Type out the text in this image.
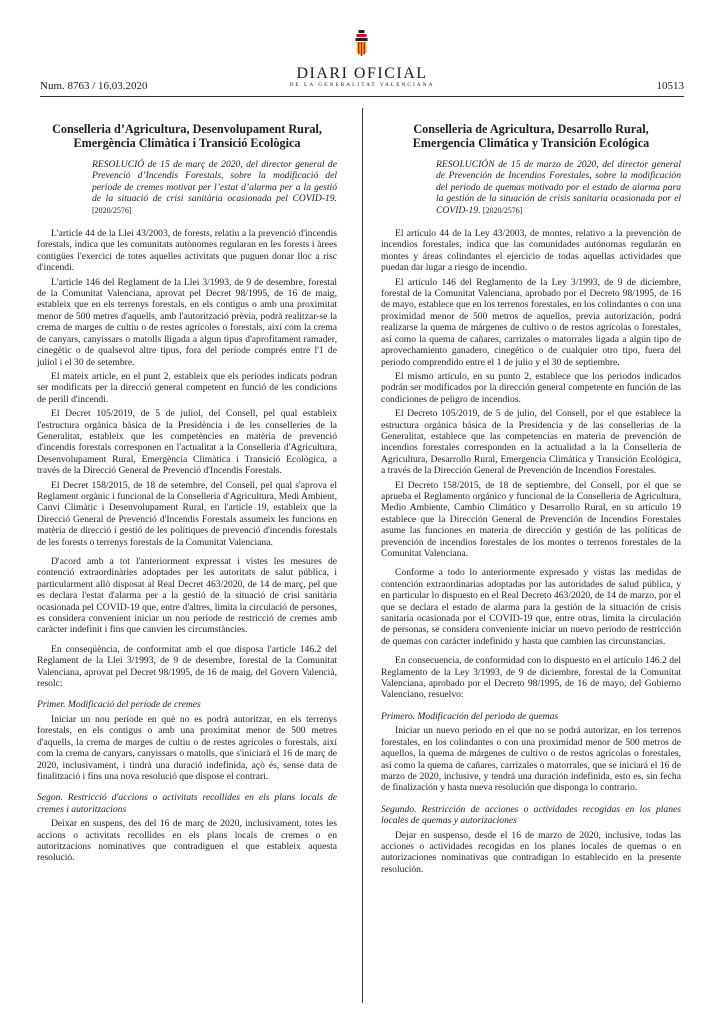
Num. 8763 / 16.03.2020
DIARI OFICIAL
DE LA GENERALITAT VALENCIANA	10513
Conselleria d’Agricultura, Desenvolupament Rural, Emergència Climàtica i Transició Ecològica
RESOLUCIÓ de 15 de març de 2020, del director general de Prevenció d’Incendis Forestals, sobre la modificació del període de cremes motivat per l’estat d’alarma per a la gestió de la situació de crisi sanitària ocasionada pel COVID-19. [2020/2576]
L'article 44 de la Llei 43/2003, de forests, relatiu a la prevenció d'incendis forestals, indica que les comunitats autònomes regularan en les forests i àrees contigües l'exercici de totes aquelles activitats que puguen donar lloc a risc d'incendi.
L'article 146 del Reglament de la Llei 3/1993, de 9 de desembre, forestal de la Comunitat Valenciana, aprovat pel Decret 98/1995, de 16 de maig, estableix que en els terrenys forestals, en els contigus o amb una proximitat menor de 500 metres d'aquells, amb l'autorització prèvia, podrà realitzar-se la crema de marges de cultiu o de restes agrícoles o forestals, així com la crema de canyars, canyissars o matolls lligada a algun tipus d'aprofitament ramader, cinegètic o de qualsevol altre tipus, fora del període comprés entre l'1 de juliol i el 30 de setembre.
El mateix article, en el punt 2, estableix que els períodes indicats podran ser modificats per la direcció general competent en funció de les condicions de perill d'incendi.
El Decret 105/2019, de 5 de juliol, del Consell, pel qual estableix l'estructura orgànica bàsica de la Presidència i de les conselleries de la Generalitat, estableix que les competències en matèria de prevenció d'incendis forestals corresponen en l'actualitat a la Conselleria d'Agricultura, Desenvolupament Rural, Emergència Climàtica i Transició Ecològica, a través de la Direcció General de Prevenció d'Incendis Forestals.
El Decret 158/2015, de 18 de setembre, del Consell, pel qual s'aprova el Reglament orgànic i funcional de la Conselleria d'Agricultura, Medi Ambient, Canvi Climàtic i Desenvolupament Rural, en l'article 19, estableix que la Direcció General de Prevenció d'Incendis Forestals assumeix les funcions en matèria de direcció i gestió de les polítiques de prevenció d'incendis forestals de les forests o terrenys forestals de la Comunitat Valenciana.
D'acord amb a tot l'anteriorment expressat i vistes les mesures de contenció extraordinàries adoptades per les autoritats de salut pública, i particularment allò disposat al Real Decret 463/2020, de 14 de març, pel que es declara l'estat d'alarma per a la gestió de la situació de crisi sanitària ocasionada pel COVID-19 que, entre d'altres, limita la circulació de persones, es considera convenient iniciar un nou període de restricció de cremes amb caràcter indefinit i fins que canvien les circumstàncies.
En conseqüència, de conformitat amb el que disposa l'article 146.2 del Reglament de la Llei 3/1993, de 9 de desembre, forestal de la Comunitat Valenciana, aprovat pel Decret 98/1995, de 16 de maig, del Govern Valencià, resolc:
Primer. Modificació del període de cremes
Iniciar un nou període en què no es podrà autoritzar, en els terrenys forestals, en els contigus o amb una proximitat menor de 500 metres d'aquells, la crema de marges de cultiu o de restes agrícoles o forestals, així com la crema de canyars, canyissars o matolls, que s'iniciarà el 16 de març de 2020, inclusivament, i tindrà una duració indefinida, açò és, sense data de finalització i fins una nova resolució que dispose el contrari.
Segon. Restricció d'accions o activitats recollides en els plans locals de cremes i autoritzacions
Deixar en suspens, des del 16 de març de 2020, inclusivament, totes les accions o activitats recollides en els plans locals de cremes o en autoritzacions nominatives que contradiguen el que estableix aquesta resolució.
Conselleria de Agricultura, Desarrollo Rural, Emergencia Climática y Transición Ecológica
RESOLUCIÓN de 15 de marzo de 2020, del director general de Prevención de Incendios Forestales, sobre la modificación del periodo de quemas motivado por el estado de alarma para la gestión de la situación de crisis sanitaria ocasionada por el COVID-19. [2020/2576]
El artículo 44 de la Ley 43/2003, de montes, relativo a la prevención de incendios forestales, indica que las comunidades autónomas regularán en montes y áreas colindantes el ejercicio de todas aquellas actividades que puedan dar lugar a riesgo de incendio.
El artículo 146 del Reglamento de la Ley 3/1993, de 9 de diciembre, forestal de la Comunitat Valenciana, aprobado por el Decreto 98/1995, de 16 de mayo, establece que en los terrenos forestales, en los colindantes o con una proximidad menor de 500 metros de aquellos, previa autorización, podrá realizarse la quema de márgenes de cultivo o de restos agrícolas o forestales, así como la quema de cañares, carrizales o matorrales ligada a algún tipo de aprovechamiento ganadero, cinegético o de cualquier otro tipo, fuera del periodo comprendido entre el 1 de julio y el 30 de septiembre.
El mismo artículo, en su punto 2, establece que los periodos indicados podrán ser modificados por la dirección general competente en función de las condiciones de peligro de incendios.
El Decreto 105/2019, de 5 de julio, del Consell, por el que establece la estructura orgánica básica de la Presidencia y de las consellerias de la Generalitat, establece que las competencias en materia de prevención de incendios forestales corresponden en la actualidad a la la Conselleria de Agricultura, Desarrollo Rural, Emergencia Climática y Transición Ecológica, a través de la Dirección General de Prevención de Incendios Forestales.
El Decreto 158/2015, de 18 de septiembre, del Consell, por el que se aprueba el Reglamento orgánico y funcional de la Conselleria de Agricultura, Medio Ambiente, Cambio Climático y Desarrollo Rural, en su artículo 19 establece que la Dirección General de Prevención de Incendios Forestales asume las funciones en materia de dirección y gestión de las políticas de prevención de incendios forestales de los montes o terrenos forestales de la Comunitat Valenciana.
Conforme a todo lo anteriormente expresado y vistas las medidas de contención extraordinarias adoptadas por las autoridades de salud pública, y en particular lo dispuesto en el Real Decreto 463/2020, de 14 de marzo, por el que se declara el estado de alarma para la gestión de la situación de crisis sanitaria ocasionada por el COVID-19 que, entre otras, limita la circulación de personas, se considera conveniente iniciar un nuevo periodo de restricción de quemas con carácter indefinido y hasta que cambien las circunstancias.
En consecuencia, de conformidad con lo dispuesto en el artículo 146.2 del Reglamento de la Ley 3/1993, de 9 de diciembre, forestal de la Comunitat Valenciana, aprobado por el Decreto 98/1995, de 16 de mayo, del Gobierno Valenciano, resuelvo:
Primero. Modificación del periodo de quemas
Iniciar un nuevo periodo en el que no se podrá autorizar, en los terrenos forestales, en los colindantes o con una proximidad menor de 500 metros de aquellos, la quema de márgenes de cultivo o de restos agrícolas o forestales, así como la quema de cañares, carrizales o matorrales, que se iniciará el 16 de marzo de 2020, inclusive, y tendrá una duración indefinida, esto es, sin fecha de finalización y hasta nueva resolución que disponga lo contrario.
Segundo. Restricción de acciones o actividades recogidas en los planes locales de quemas y autorizaciones
Dejar en suspenso, desde el 16 de marzo de 2020, inclusive, todas las acciones o actividades recogidas en los planes locales de quemas o en autorizaciones nominativas que contradigan lo establecido en la presente resolución.
